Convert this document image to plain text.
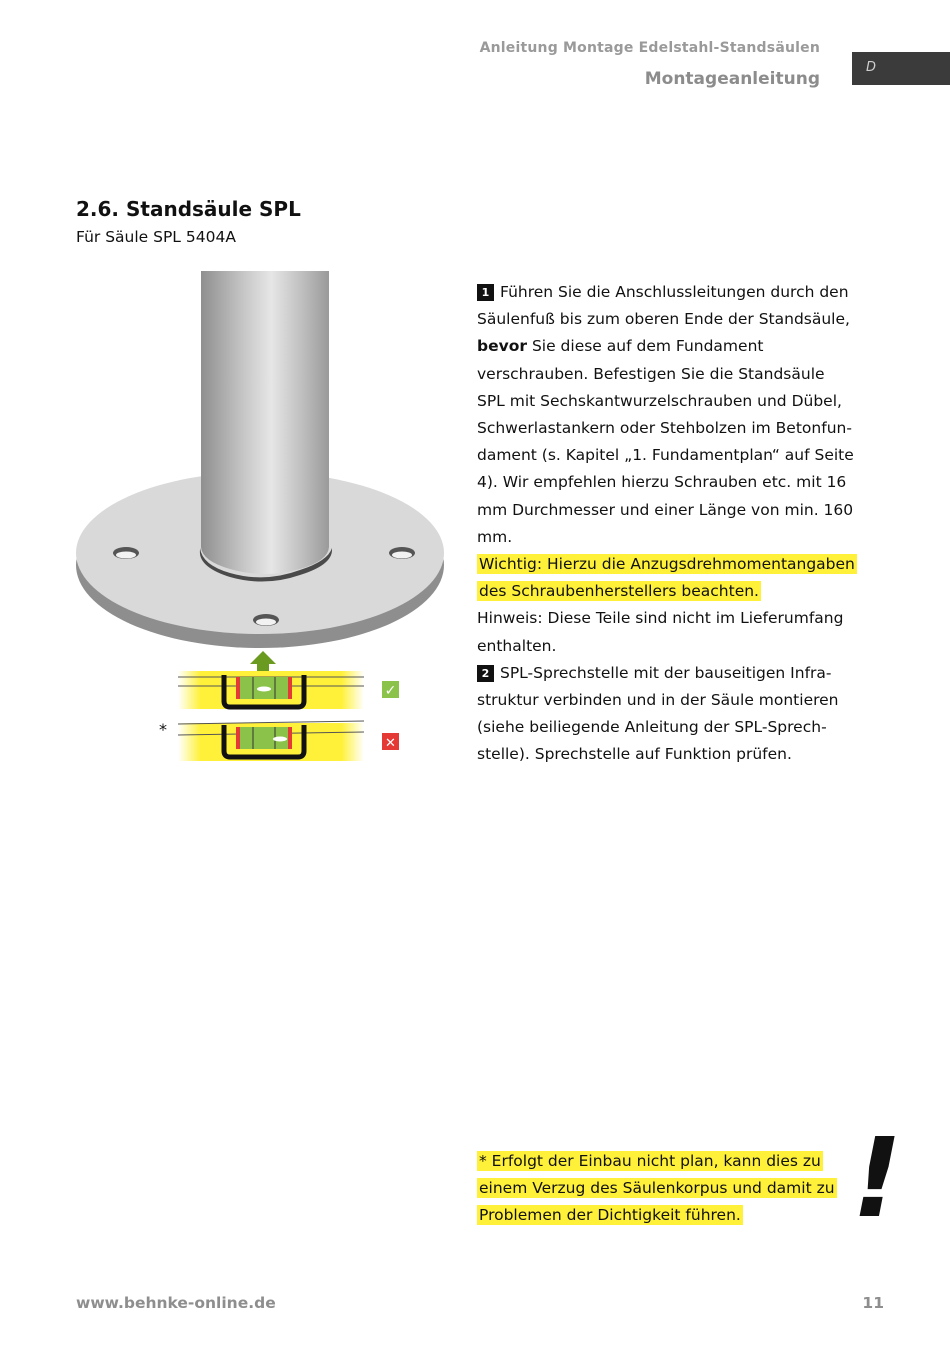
Anleitung Montage Edelstahl-Standsäulen
Montageanleitung
D
2.6. Standsäule SPL
Für Säule SPL 5404A
*
✓
✕

1 Führen Sie die Anschlussleitungen durch den Säulenfuß bis zum oberen Ende der Standsäule, bevor Sie diese auf dem Fundament verschrauben. Befestigen Sie die Standsäule SPL mit Sechskantwurzelschrauben und Dübel, Schwerlastankern oder Stehbolzen im Betonfundament (s. Kapitel „1. Fundamentplan“ auf Seite 4). Wir empfehlen hierzu Schrauben etc. mit 16 mm Durchmesser und einer Länge von min. 160 mm.

Wichtig: Hierzu die Anzugsdrehmomentangaben des Schraubenherstellers beachten.

Hinweis: Diese Teile sind nicht im Lieferumfang enthalten.

2 SPL-Sprechstelle mit der bauseitigen Infrastruktur verbinden und in der Säule montieren (siehe beiliegende Anleitung der SPL-Sprechstelle). Sprechstelle auf Funktion prüfen.

* Erfolgt der Einbau nicht plan, kann dies zu einem Verzug des Säulenkorpus und damit zu Problemen der Dichtigkeit führen.	!
www.behnke-online.de	11
